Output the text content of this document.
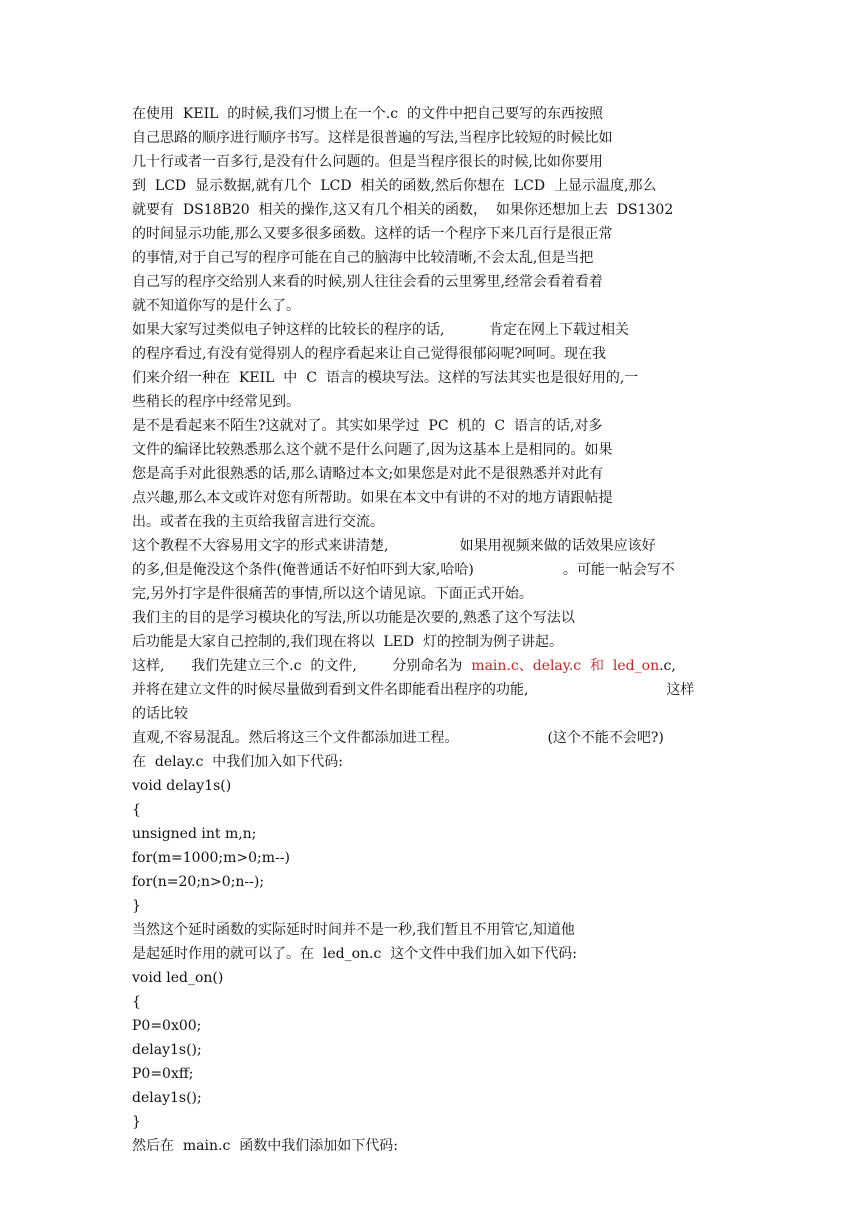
在使用  KEIL  的时候,我们习惯上在一个.c  的文件中把自己要写的东西按照
自己思路的顺序进行顺序书写。这样是很普遍的写法,当程序比较短的时候比如
几十行或者一百多行,是没有什么问题的。但是当程序很长的时候,比如你要用
到  LCD  显示数据,就有几个  LCD  相关的函数,然后你想在  LCD  上显示温度,那么
就要有  DS18B20  相关的操作,这又有几个相关的函数，  如果你还想加上去  DS1302
的时间显示功能,那么又要多很多函数。这样的话一个程序下来几百行是很正常
的事情,对于自己写的程序可能在自己的脑海中比较清晰,不会太乱,但是当把
自己写的程序交给别人来看的时候,别人往往会看的云里雾里,经常会看着看着
就不知道你写的是什么了。
如果大家写过类似电子钟这样的比较长的程序的话,          肯定在网上下载过相关
的程序看过,有没有觉得别人的程序看起来让自己觉得很郁闷呢?呵呵。现在我
们来介绍一种在  KEIL  中  C  语言的模块写法。这样的写法其实也是很好用的,一
些稍长的程序中经常见到。
是不是看起来不陌生?这就对了。其实如果学过  PC  机的  C  语言的话,对多
文件的编译比较熟悉那么这个就不是什么问题了,因为这基本上是相同的。如果
您是高手对此很熟悉的话,那么请略过本文;如果您是对此不是很熟悉并对此有
点兴趣,那么本文或许对您有所帮助。如果在本文中有讲的不对的地方请跟帖提
出。或者在我的主页给我留言进行交流。
这个教程不大容易用文字的形式来讲清楚,                如果用视频来做的话效果应该好
的多,但是俺没这个条件(俺普通话不好怕吓到大家,哈哈)                    。可能一帖会写不
完,另外打字是件很痛苦的事情,所以这个请见谅。下面正式开始。
我们主的目的是学习模块化的写法,所以功能是次要的,熟悉了这个写法以
后功能是大家自己控制的,我们现在将以  LED  灯的控制为例子讲起。
这样,      我们先建立三个.c  的文件,        分别命名为  main.c、delay.c  和  led_on.c,
并将在建立文件的时候尽量做到看到文件名即能看出程序的功能,                               这样
的话比较
直观,不容易混乱。然后将这三个文件都添加进工程。                    (这个不能不会吧?)
在  delay.c  中我们加入如下代码:
void delay1s()
{
unsigned int m,n;
for(m=1000;m>0;m--)
for(n=20;n>0;n--);
}
当然这个延时函数的实际延时时间并不是一秒,我们暂且不用管它,知道他
是起延时作用的就可以了。在  led_on.c  这个文件中我们加入如下代码:
void led_on()
{
P0=0x00;
delay1s();
P0=0xff;
delay1s();
}
然后在  main.c  函数中我们添加如下代码:
